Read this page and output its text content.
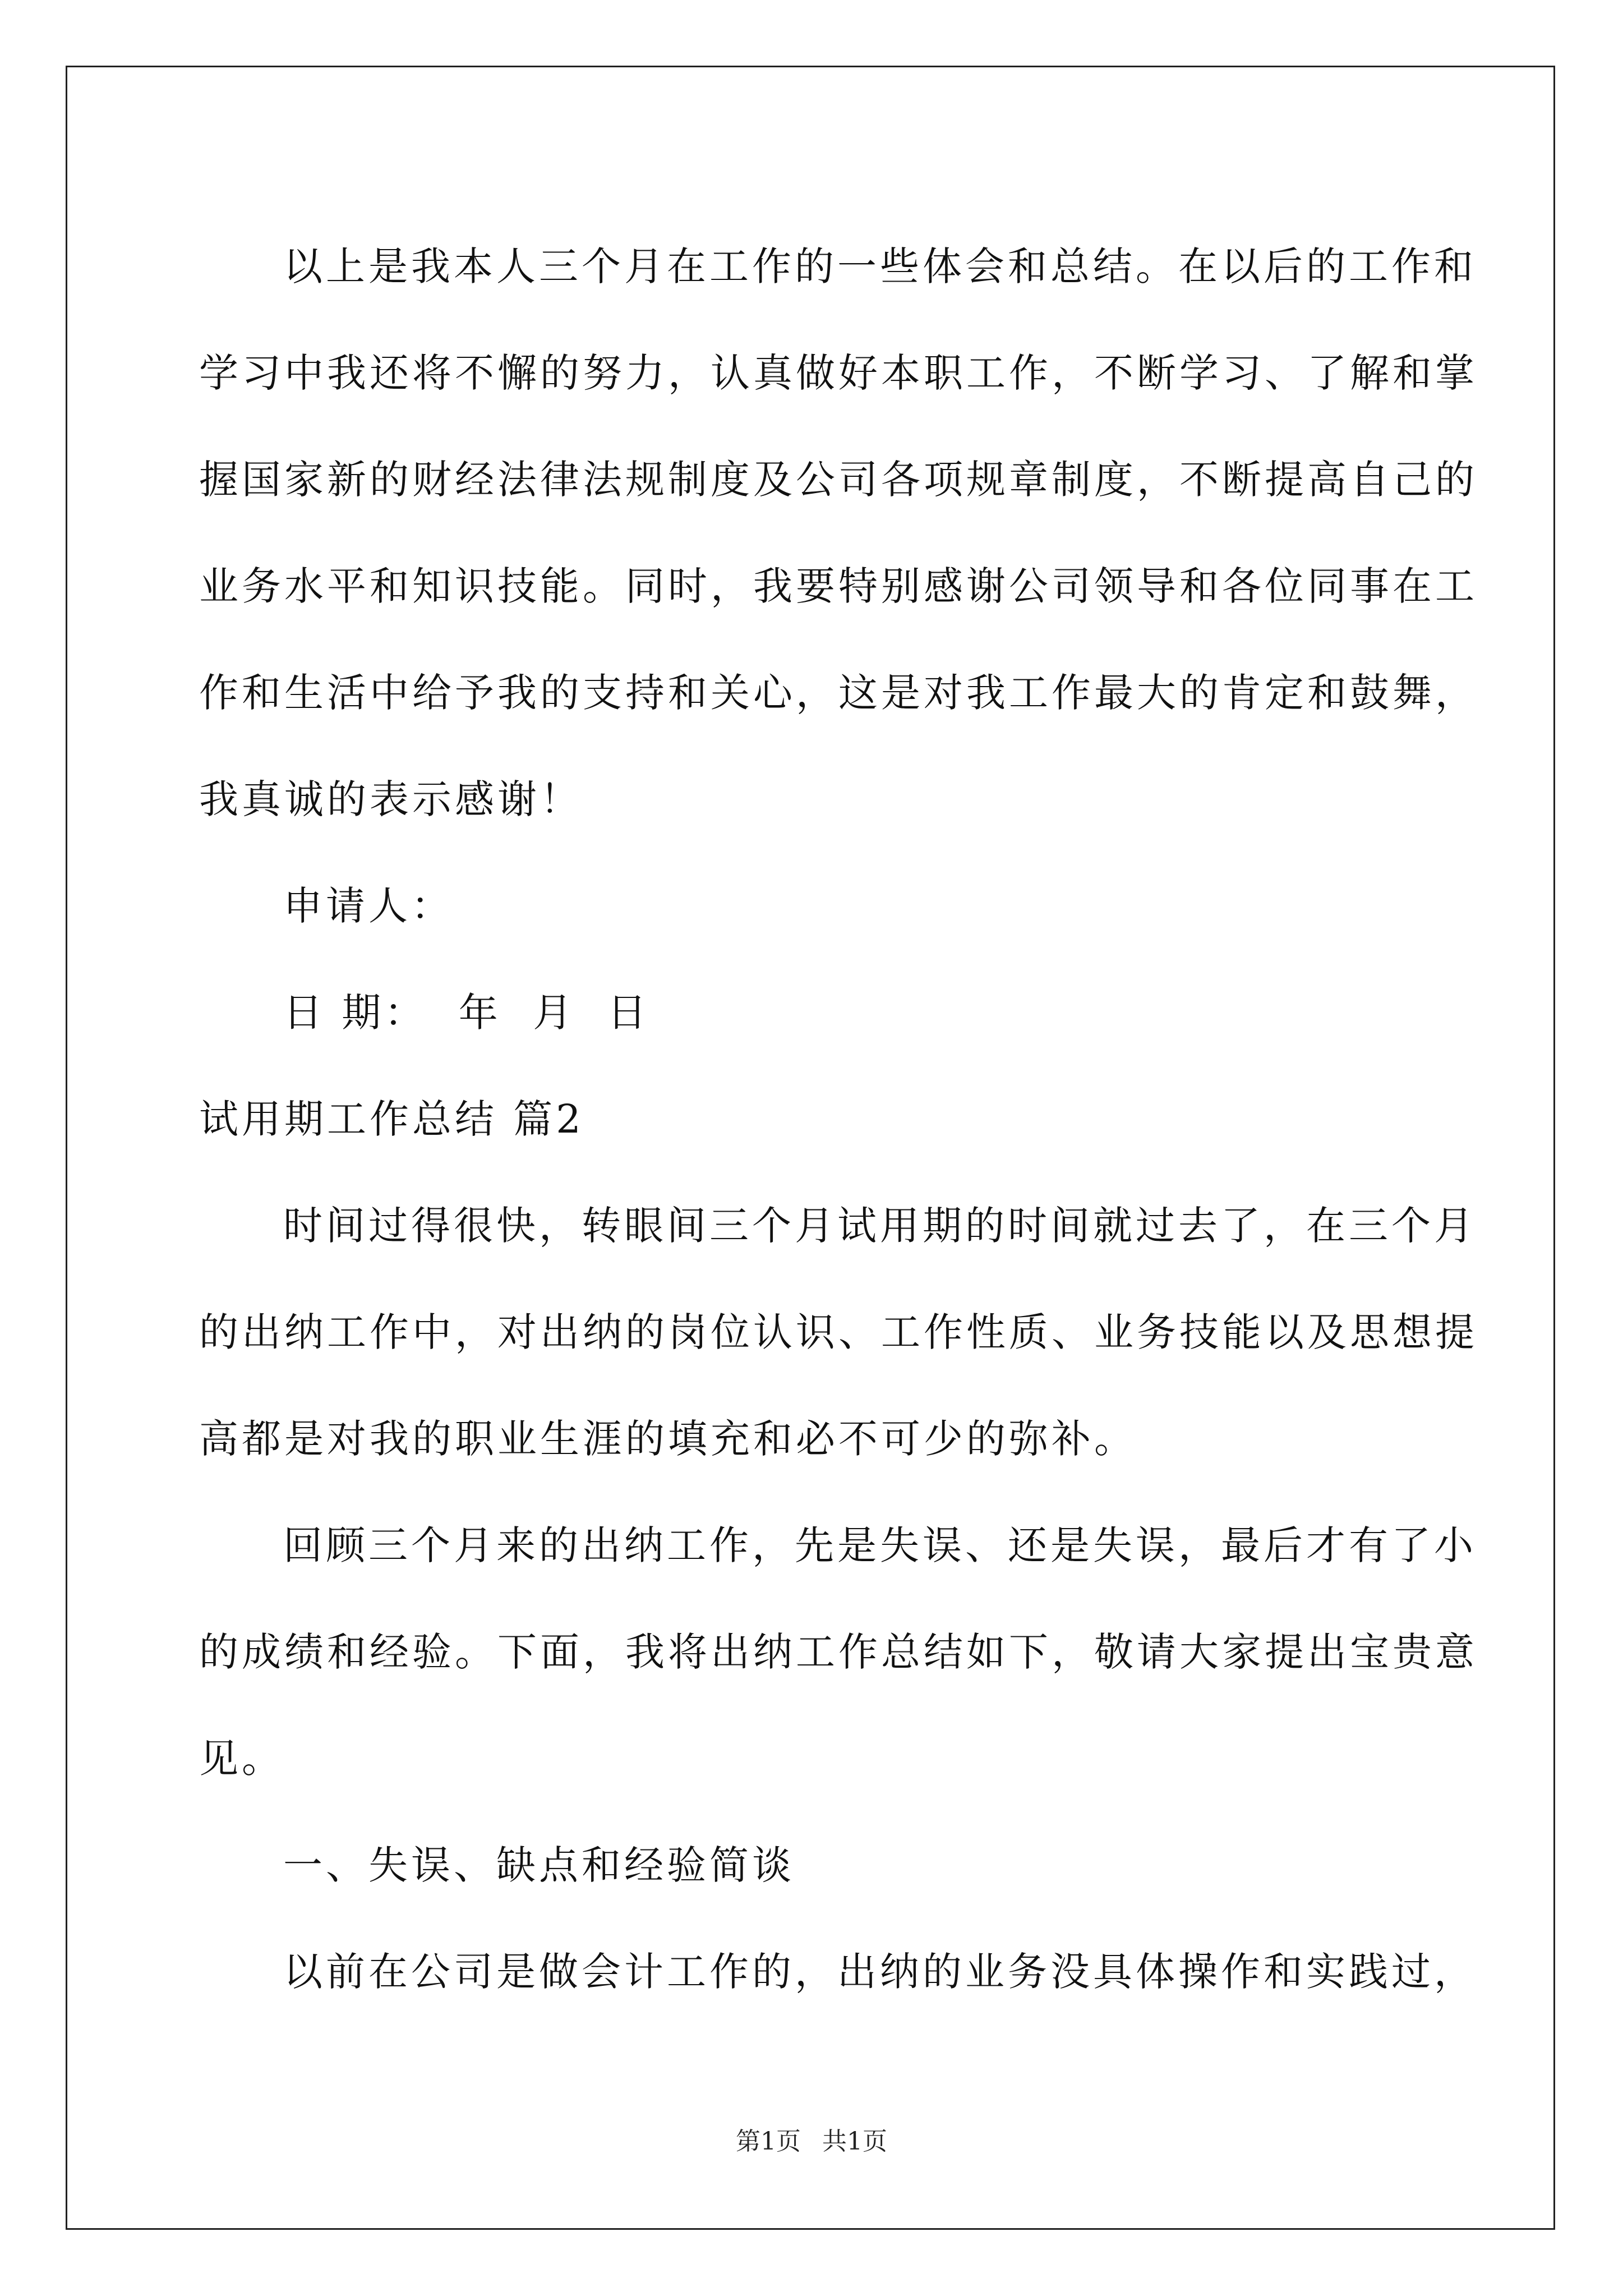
以上是我本人三个月在工作的一些体会和总结。在以后的工作和
学习中我还将不懈的努力，认真做好本职工作，不断学习、了解和掌
握国家新的财经法律法规制度及公司各项规章制度，不断提高自己的
业务水平和知识技能。同时，我要特别感谢公司领导和各位同事在工
作和生活中给予我的支持和关心，这是对我工作最大的肯定和鼓舞，
我真诚的表示感谢！
申请人：
日 期：  年  月  日
试用期工作总结 篇2
时间过得很快，转眼间三个月试用期的时间就过去了，在三个月
的出纳工作中，对出纳的岗位认识、工作性质、业务技能以及思想提
高都是对我的职业生涯的填充和必不可少的弥补。
回顾三个月来的出纳工作，先是失误、还是失误，最后才有了小
的成绩和经验。下面，我将出纳工作总结如下，敬请大家提出宝贵意
见。
一、失误、缺点和经验简谈
以前在公司是做会计工作的，出纳的业务没具体操作和实践过，
第1页 共1页
